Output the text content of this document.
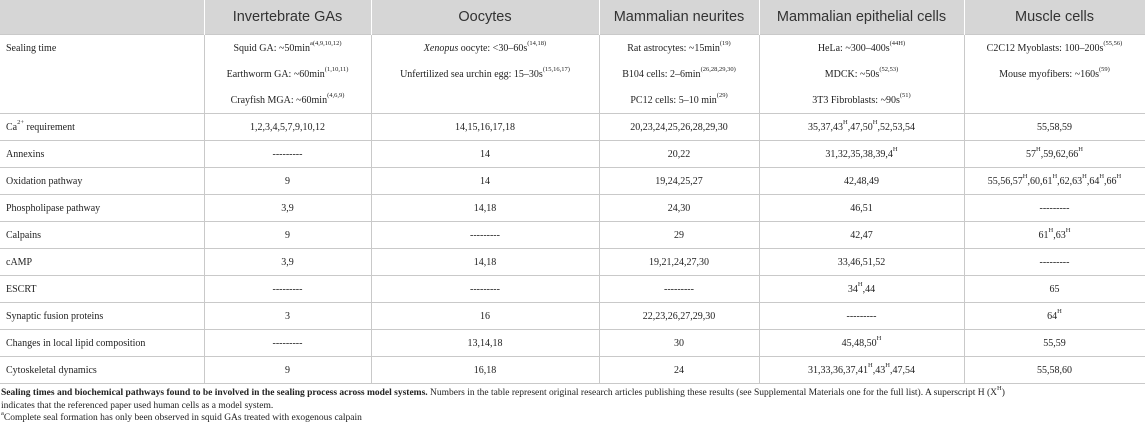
	Invertebrate GAs	Oocytes	Mammalian neurites	Mammalian epithelial cells	Muscle cells
Sealing time	Squid GA: $\sim 50\min^{a(4,9,10,12)}$	Xenopus oocyte: $<30-60s^{(14,18)}$	Rat astrocytes: $\sim 15\min^{(19)}$	HeLa: $\sim 300-400s^{(44H)}$	C2C12 Myoblasts: $100-200s^{(55,56)}$
	Earthworm GA: $\sim 60\min^{(1,10,11)}$	Unfertilized sea urchin egg: $15-30s^{(15,16,17)}$	B104 cells: $2-6\min^{(26,28,29,30)}$	MDCK: $\sim 50s^{(52,53)}$	Mouse myofibers: $\sim 160s^{(59)}$
	Crayfish MGA: $\sim 60\min^{(4,6,9)}$		PC12 cells: 5–10 $\min^{(29)}$	3T3 Fibroblasts: $\sim 90s^{(51)}$	
$Ca^{2+}$ requirement	1,2,3,4,5,7,9,10,12	14,15,16,17,18	20,23,24,25,26,28,29,30	$35,37,43^H,47,50^H,52,53,54$	55,58,59
Annexins	---------	14	20,22	$31,32,35,38,39,4^H$	$57^H,59,62,66^H$
Oxidation pathway	9	14	19,24,25,27	42,48,49	$55,56,57^H,60,61^H,62,63^H,64^H,66^H$
Phospholipase pathway	3,9	14,18	24,30	46,51	---------
Calpains	9	---------	29	42,47	$61^H,63^H$
cAMP	3,9	14,18	19,21,24,27,30	33,46,51,52	---------
ESCRT	---------	---------	---------	$34^H,44$	65
Synaptic fusion proteins	3	16	22,23,26,27,29,30	---------	$64^H$
Changes in local lipid composition	---------	13,14,18	30	$45,48,50^H$	55,59
Cytoskeletal dynamics	9	16,18	24	$31,33,36,37,41^H,43^H,47,54$	55,58,60
Sealing times and biochemical pathways found to be involved in the sealing process across model systems. Numbers in the table represent original research articles publishing these results (see Supplemental Materials one for the full list). A superscript H $(X^H)$
indicates that the referenced paper used human cells as a model system.
$^a$Complete seal formation has only been observed in squid GAs treated with exogenous calpain
